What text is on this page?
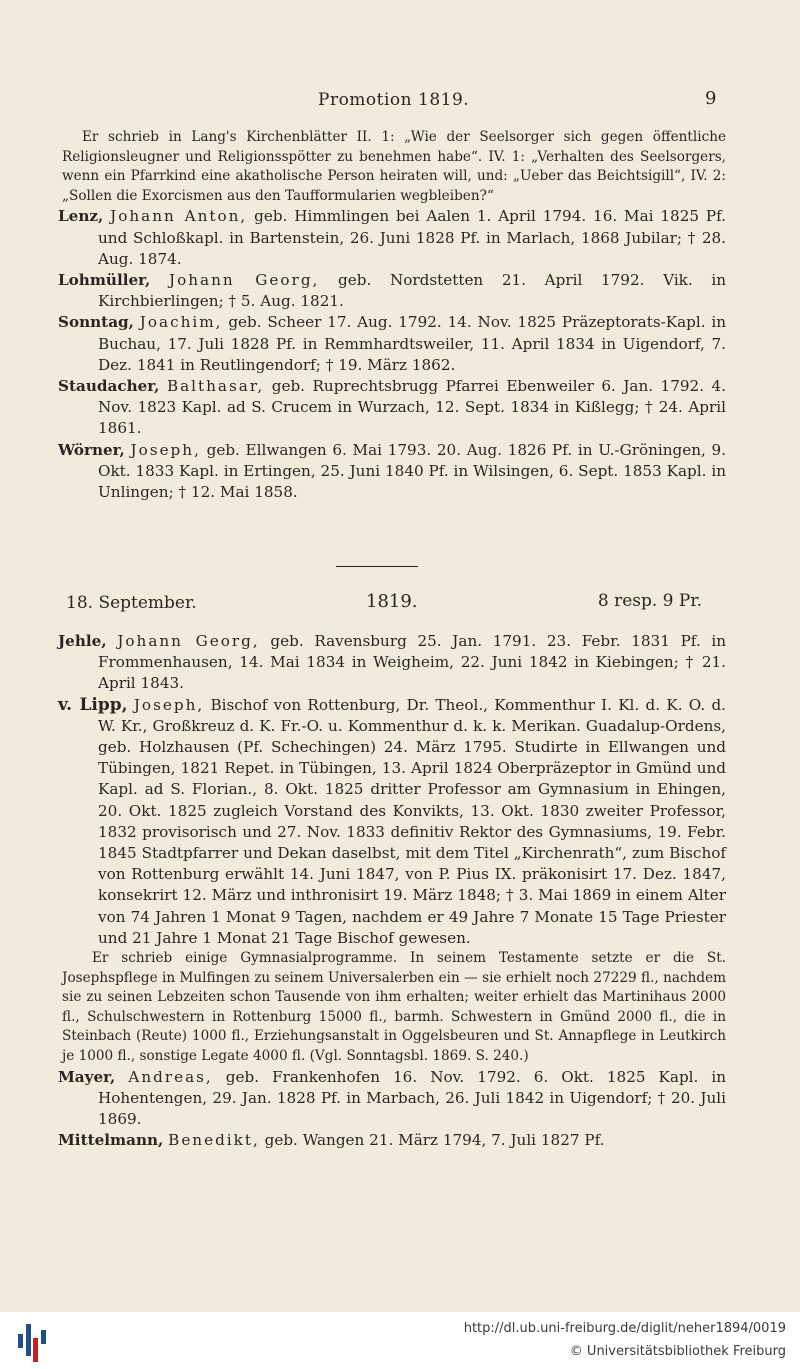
Promotion 1819.	9

Er schrieb in Lang's Kirchenblätter II. 1: „Wie der Seelsorger sich gegen öffentliche Religionsleugner und Religionsspötter zu benehmen habe“. IV. 1: „Verhalten des Seelsorgers, wenn ein Pfarrkind eine akatholische Person heiraten will, und: „Ueber das Beichtsigill“, IV. 2: „Sollen die Exorcismen aus den Taufformularien wegbleiben?“

Lenz, Johann Anton, geb. Himmlingen bei Aalen 1. April 1794. 16. Mai 1825 Pf. und Schloßkapl. in Bartenstein, 26. Juni 1828 Pf. in Marlach, 1868 Jubilar; † 28. Aug. 1874.

Lohmüller, Johann Georg, geb. Nordstetten 21. April 1792. Vik. in Kirchbierlingen; † 5. Aug. 1821.

Sonntag, Joachim, geb. Scheer 17. Aug. 1792. 14. Nov. 1825 Präzeptorats-Kapl. in Buchau, 17. Juli 1828 Pf. in Remmhardtsweiler, 11. April 1834 in Uigendorf, 7. Dez. 1841 in Reutlingendorf; † 19. März 1862.

Staudacher, Balthasar, geb. Ruprechtsbrugg Pfarrei Ebenweiler 6. Jan. 1792. 4. Nov. 1823 Kapl. ad S. Crucem in Wurzach, 12. Sept. 1834 in Kißlegg; † 24. April 1861.

Wörner, Joseph, geb. Ellwangen 6. Mai 1793. 20. Aug. 1826 Pf. in U.-Gröningen, 9. Okt. 1833 Kapl. in Ertingen, 25. Juni 1840 Pf. in Wilsingen, 6. Sept. 1853 Kapl. in Unlingen; † 12. Mai 1858.

18. September.	1819.	8 resp. 9 Pr.

Jehle, Johann Georg, geb. Ravensburg 25. Jan. 1791. 23. Febr. 1831 Pf. in Frommenhausen, 14. Mai 1834 in Weigheim, 22. Juni 1842 in Kiebingen; † 21. April 1843.

v. Lipp, Joseph, Bischof von Rottenburg, Dr. Theol., Kommenthur I. Kl. d. K. O. d. W. Kr., Großkreuz d. K. Fr.-O. u. Kommenthur d. k. k. Merikan. Guadalup-Ordens, geb. Holzhausen (Pf. Schechingen) 24. März 1795. Studirte in Ellwangen und Tübingen, 1821 Repet. in Tübingen, 13. April 1824 Oberpräzeptor in Gmünd und Kapl. ad S. Florian., 8. Okt. 1825 dritter Professor am Gymnasium in Ehingen, 20. Okt. 1825 zugleich Vorstand des Konvikts, 13. Okt. 1830 zweiter Professor, 1832 provisorisch und 27. Nov. 1833 definitiv Rektor des Gymnasiums, 19. Febr. 1845 Stadtpfarrer und Dekan daselbst, mit dem Titel „Kirchenrath“, zum Bischof von Rottenburg erwählt 14. Juni 1847, von P. Pius IX. präkonisirt 17. Dez. 1847, konsekrirt 12. März und inthronisirt 19. März 1848; † 3. Mai 1869 in einem Alter von 74 Jahren 1 Monat 9 Tagen, nachdem er 49 Jahre 7 Monate 15 Tage Priester und 21 Jahre 1 Monat 21 Tage Bischof gewesen.

Er schrieb einige Gymnasialprogramme. In seinem Testamente setzte er die St. Josephspflege in Mulfingen zu seinem Universalerben ein — sie erhielt noch 27229 fl., nachdem sie zu seinen Lebzeiten schon Tausende von ihm erhalten; weiter erhielt das Martinihaus 2000 fl., Schulschwestern in Rottenburg 15000 fl., barmh. Schwestern in Gmünd 2000 fl., die in Steinbach (Reute) 1000 fl., Erziehungsanstalt in Oggelsbeuren und St. Annapflege in Leutkirch je 1000 fl., sonstige Legate 4000 fl. (Vgl. Sonntagsbl. 1869. S. 240.)

Mayer, Andreas, geb. Frankenhofen 16. Nov. 1792. 6. Okt. 1825 Kapl. in Hohentengen, 29. Jan. 1828 Pf. in Marbach, 26. Juli 1842 in Uigendorf; † 20. Juli 1869.

Mittelmann, Benedikt, geb. Wangen 21. März 1794, 7. Juli 1827 Pf.

http://dl.ub.uni-freiburg.de/diglit/neher1894/0019
© Universitätsbibliothek Freiburg
